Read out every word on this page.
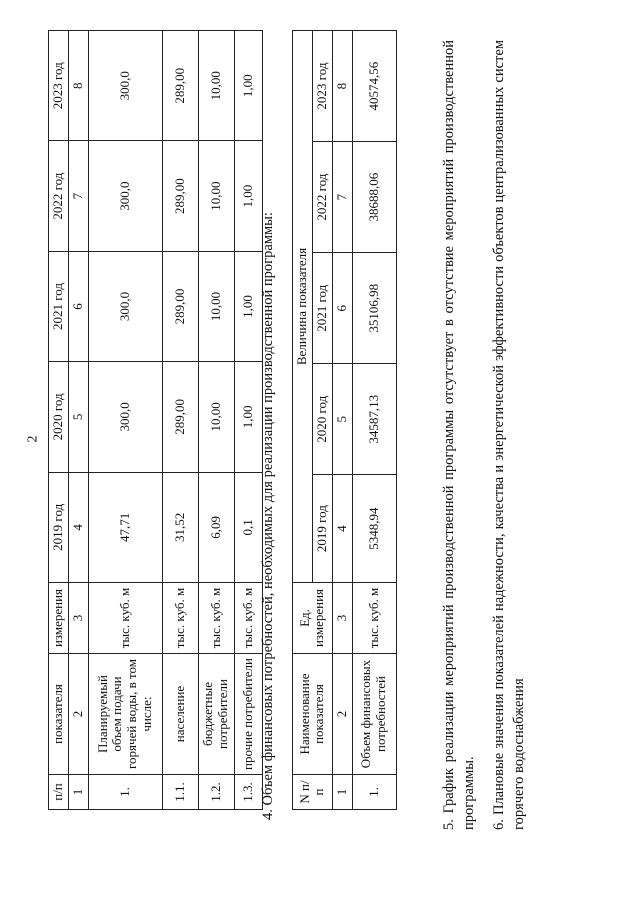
2
п/п	показателя	измерения	2019 год	2020 год	2021 год	2022 год	2023 год
1	2	3	4	5	6	7	8
1.	Планируемый объем подачи горячей воды, в том числе:	тыс. куб. м	47,71	300,0	300,0	300,0	300,0
1.1.	население	тыс. куб. м	31,52	289,00	289,00	289,00	289,00
1.2.	бюджетные потребители	тыс. куб. м	6,09	10,00	10,00	10,00	10,00
1.3.	прочие потребители	тыс. куб. м	0,1	1,00	1,00	1,00	1,00
4. Объем финансовых потребностей, необходимых для реализации производственной программы: N п/п	Наименование показателя	Ед. измерения	Величина показателя				
			2019 год	2020 год	2021 год	2022 год	2023 год
1	2	3	4	5	6	7	8
1.	Объем финансовых потребностей	тыс. куб. м	5348,94	34587,13	35106,98	38688,06	40574,56	5. График реализации мероприятий производственной программы отсутствует в отсутствие мероприятий производственной программы. 6. Плановые значения показателей надежности, качества и энергетической эффективности объектов централизованных систем горячего водоснабжения
